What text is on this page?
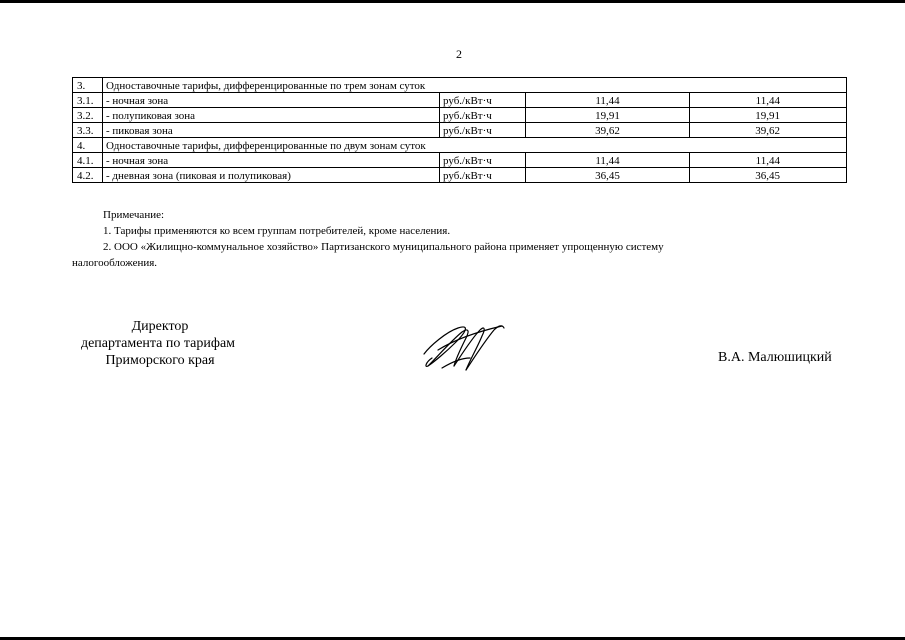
2
3.	Одноставочные тарифы, дифференцированные по трем зонам суток			
3.1.	- ночная зона	руб./кВт·ч	11,44	11,44
3.2.	- полупиковая зона	руб./кВт·ч	19,91	19,91
3.3.	- пиковая зона	руб./кВт·ч	39,62	39,62
4.	Одноставочные тарифы, дифференцированные по двум зонам суток			
4.1.	- ночная зона	руб./кВт·ч	11,44	11,44
4.2.	- дневная зона (пиковая и полупиковая)	руб./кВт·ч	36,45	36,45
Примечание:
1. Тарифы применяются ко всем группам потребителей, кроме населения.
2. ООО «Жилищно-коммунальное хозяйство» Партизанского муниципального района применяет упрощенную систему
налогообложения.
Директор
департамента по тарифам
Приморского края	В.А. Малюшицкий
